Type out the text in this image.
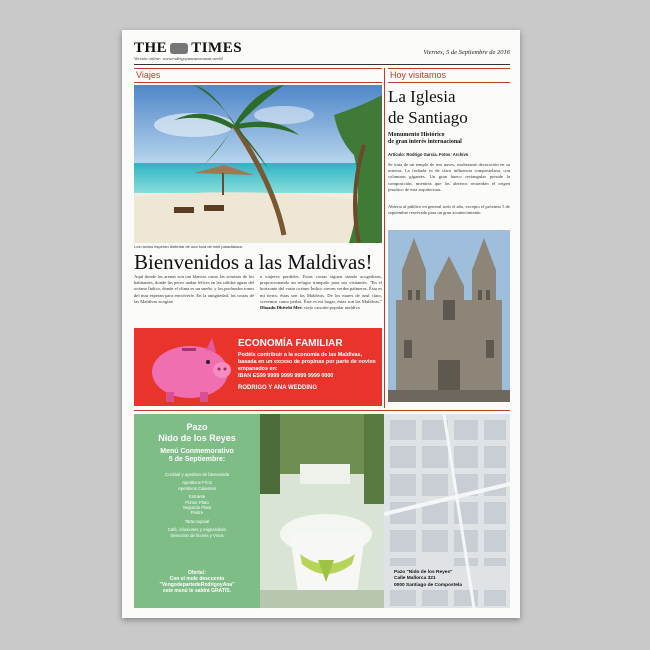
THE TIMES
Versión online: www.rodrigoyanaseacasan.weebl
Viernes, 5 de Septiembre de 2016
Viajes	Hoy visitamos
Los novios esperan disfrutar de una luna de miel paradisiaca.
Bienvenidos a las Maldivas!
Aquí donde las arenas son tan blancas como las sonrisas de los habitantes, donde los peces nadan felices en las cálidas aguas del océano Índico, donde el clima es un sueño, y los profundos tonos del mar esperan para envolverle. En la antigüedad, las costas de las Maldivas acogían
a viajeros perdidos. Estas costas siguen siendo acogedoras, proporcionando un refugio tranquilo para sus visitantes. "En el horizonte del vasto océano Índico crecen verdes palmeras. Ésta es mi tierra, éstas son las Maldivas. De los mares de azul claro, crecemos como perlas. Éste es mi hogar, éstas son las Maldivas." Dhoadu Dhivehi Mee, viejo canción popular maldiva
ECONOMÍA FAMILIAR
Podéis contribuir a la economía de las Maldivas, basada en un exceso de propinas por parte de novios empanados en:
IBAN ES99 9999 9999 9999 9999 0000
RODRIGO Y ANA WEDDING
La Iglesia
de Santiago
Monumento Histórico
de gran interés internacional
Artículo: Rodrigo García. Fotos: Archivo
Se trata de un templo de tres naves, exuberante decoración en su interior. La fachada es de claro influencia compostelana, con columnas gigantes. Un gran hueco rectangular preside la composición, mientras que los aleteros recuerdan el origen jesuítico de esta arquitectura.
Abierta al público en general todo el año, excepto el próximo 5 de septiembre reservado para un gran acontecimiento.
Pazo
Nido de los Reyes
Menú Conmemorativo
5 de Septiembre:
Cocktail y aperitivo de bienvenida
Aperitivos Fríos
Aperitivos Calientes
Entrante
Primer Plato
Segundo Plato
Postre
Tarta nupcial
Café, infusiones y mignardises
Selección de licores y Vinos
Oferta!:
Con el mole descuento
"VengodepartedeRodrigoyAna"
este menú te saldrá GRATIS.
Pazo "Nido de los Reyes"
Calle Mallorca 321
0000 Santiago de Compostela
